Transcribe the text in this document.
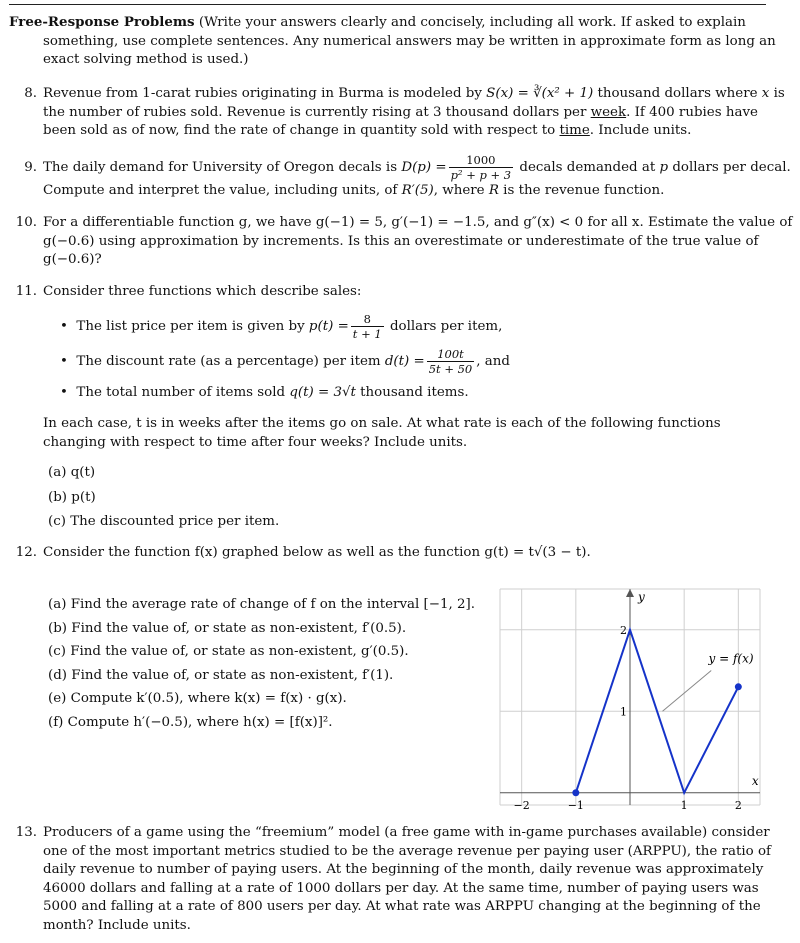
Free-Response Problems (Write your answers clearly and concisely, including all work. If asked to explain something, use complete sentences. Any numerical answers may be written in approximate form as long an exact solving method is used.)
8. Revenue from 1-carat rubies originating in Burma is modeled by S(x) = ∛(x² + 1) thousand dollars where x is the number of rubies sold. Revenue is currently rising at 3 thousand dollars per week. If 400 rubies have been sold as of now, find the rate of change in quantity sold with respect to time. Include units.
9. The daily demand for University of Oregon decals is $D(p) = \frac{1000}{\text{p² + p + 3}}$ decals demanded at p dollars per decal. Compute and interpret the value, including units, of R′(5), where R is the revenue function.
10. For a differentiable function g, we have g(−1) = 5, g′(−1) = −1.5, and g″(x) < 0 for all x. Estimate the value of g(−0.6) using approximation by increments. Is this an overestimate or underestimate of the true value of g(−0.6)?
11. Consider three functions which describe sales:
•  The list price per item is given by $p(t) = \frac{8}{t + 1}$ dollars per item,
•  The discount rate (as a percentage) per item $d(t) = \frac{100t}{5t + 50}$ , and
•  The total number of items sold q(t) = 3√t thousand items.
In each case, t is in weeks after the items go on sale. At what rate is each of the following functions changing with respect to time after four weeks? Include units.
(a) q(t)
(b) p(t)
(c) The discounted price per item.
12. Consider the function f(x) graphed below as well as the function g(t) = t√(3 − t).
(a) Find the average rate of change of f on the interval [−1, 2].
(b) Find the value of, or state as non-existent, f′(0.5).
(c) Find the value of, or state as non-existent, g′(0.5).
(d) Find the value of, or state as non-existent, f′(1).
(e) Compute k′(0.5), where k(x) = f(x) · g(x).
(f) Compute h′(−0.5), where h(x) = [f(x)]².
y
x
y = f(x)
−2	−1	1	2
1
2
13. Producers of a game using the “freemium” model (a free game with in-game purchases available) consider one of the most important metrics studied to be the average revenue per paying user (ARPPU), the ratio of daily revenue to number of paying users. At the beginning of the month, daily revenue was approximately 46000 dollars and falling at a rate of 1000 dollars per day. At the same time, number of paying users was 5000 and falling at a rate of 800 users per day. At what rate was ARPPU changing at the beginning of the month? Include units.
